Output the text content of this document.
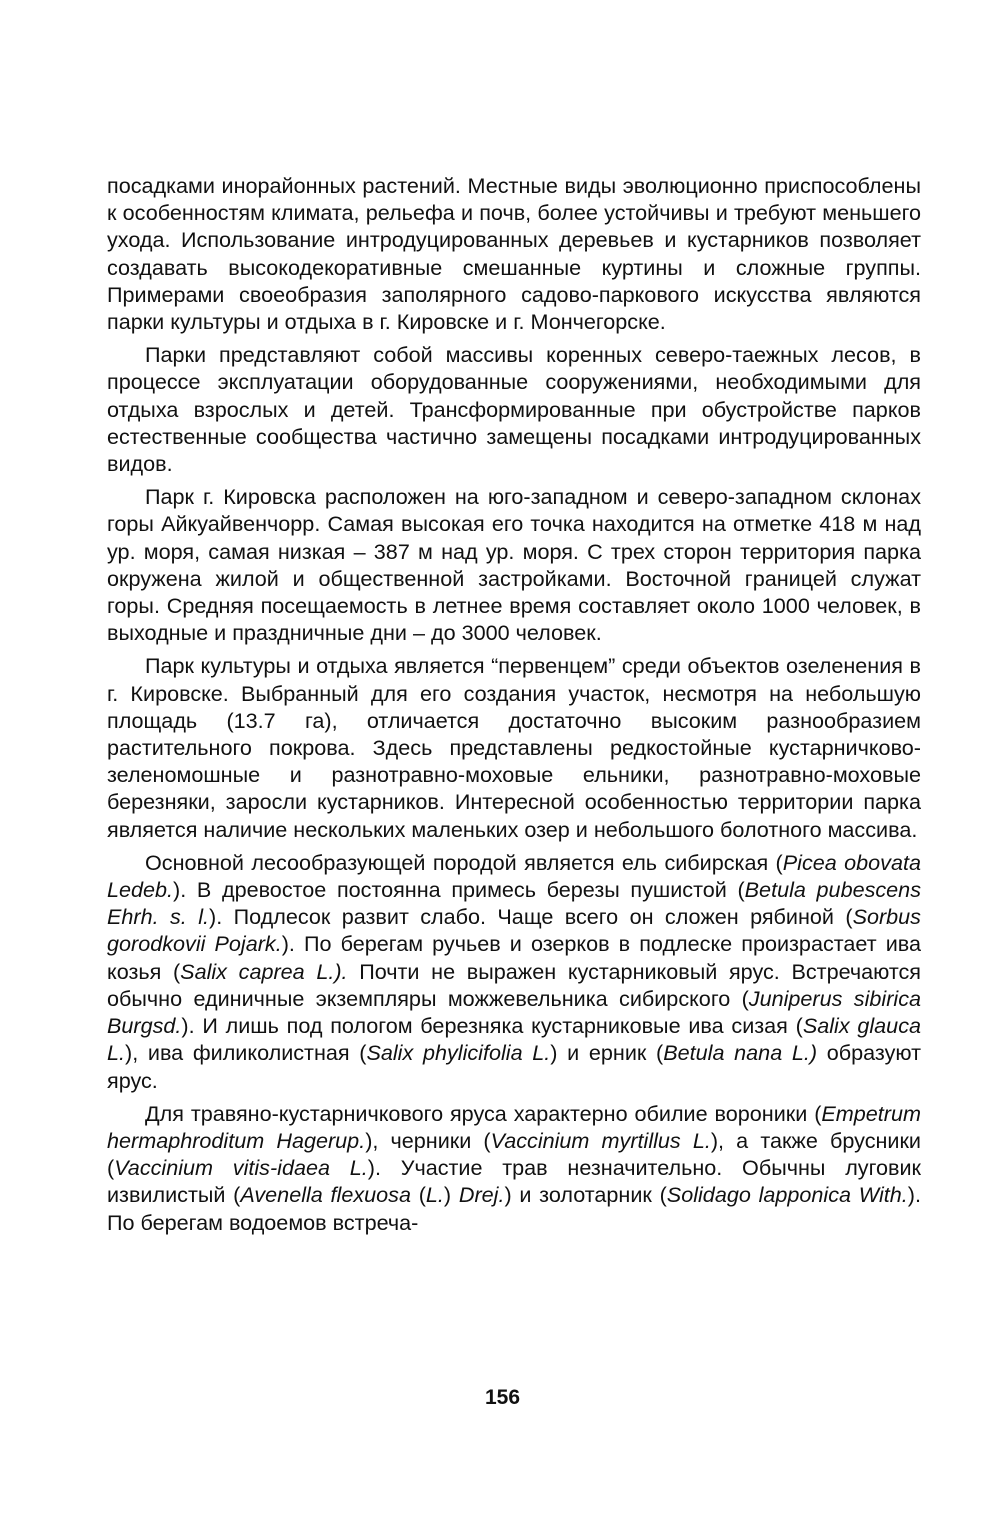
посадками инорайонных растений. Местные виды эволюционно приспособлены к особенностям климата, рельефа и почв, более устойчивы и требуют меньшего ухода. Использование интродуцированных деревьев и кустарников позволяет создавать высокодекоративные смешанные куртины и сложные группы. Примерами своеобразия заполярного садово-паркового искусства являются парки культуры и отдыха в г. Кировске и г. Мончегорске.

Парки представляют собой массивы коренных северо-таежных лесов, в процессе эксплуатации оборудованные сооружениями, необходимыми для отдыха взрослых и детей. Трансформированные при обустройстве парков естественные сообщества частично замещены посадками интродуцированных видов.

Парк г. Кировска расположен на юго-западном и северо-западном склонах горы Айкуайвенчорр. Самая высокая его точка находится на отметке 418 м над ур. моря, самая низкая – 387 м над ур. моря. С трех сторон территория парка окружена жилой и общественной застройками. Восточной границей служат горы. Средняя посещаемость в летнее время составляет около 1000 человек, в выходные и праздничные дни – до 3000 человек.

Парк культуры и отдыха является “первенцем” среди объектов озеленения в г. Кировске. Выбранный для его создания участок, несмотря на небольшую площадь (13.7 га), отличается достаточно высоким разнообразием растительного покрова. Здесь представлены редкостойные кустарничково-зеленомошные и разнотравно-моховые ельники, разнотравно-моховые березняки, заросли кустарников. Интересной особенностью территории парка является наличие нескольких маленьких озер и небольшого болотного массива.

Основной лесообразующей породой является ель сибирская (Picea obovata Ledeb.). В древостое постоянна примесь березы пушистой (Betula pubescens Ehrh. s. l.). Подлесок развит слабо. Чаще всего он сложен рябиной (Sorbus gorodkovii Pojark.). По берегам ручьев и озерков в подлеске произрастает ива козья (Salix caprea L.). Почти не выражен кустарниковый ярус. Встречаются обычно единичные экземпляры можжевельника сибирского (Juniperus sibirica Burgsd.). И лишь под пологом березняка кустарниковые ива сизая (Salix glauca L.), ива филиколистная (Salix phylicifolia L.) и ерник (Betula nana L.) образуют ярус.

Для травяно-кустарничкового яруса характерно обилие вороники (Empetrum hermaphroditum Hagerup.), черники (Vaccinium myrtillus L.), а также брусники (Vaccinium vitis-idaea L.). Участие трав незначительно. Обычны луговик извилистый (Avenella flexuosa (L.) Drej.) и золотарник (Solidago lapponica With.). По берегам водоемов встреча-

156
